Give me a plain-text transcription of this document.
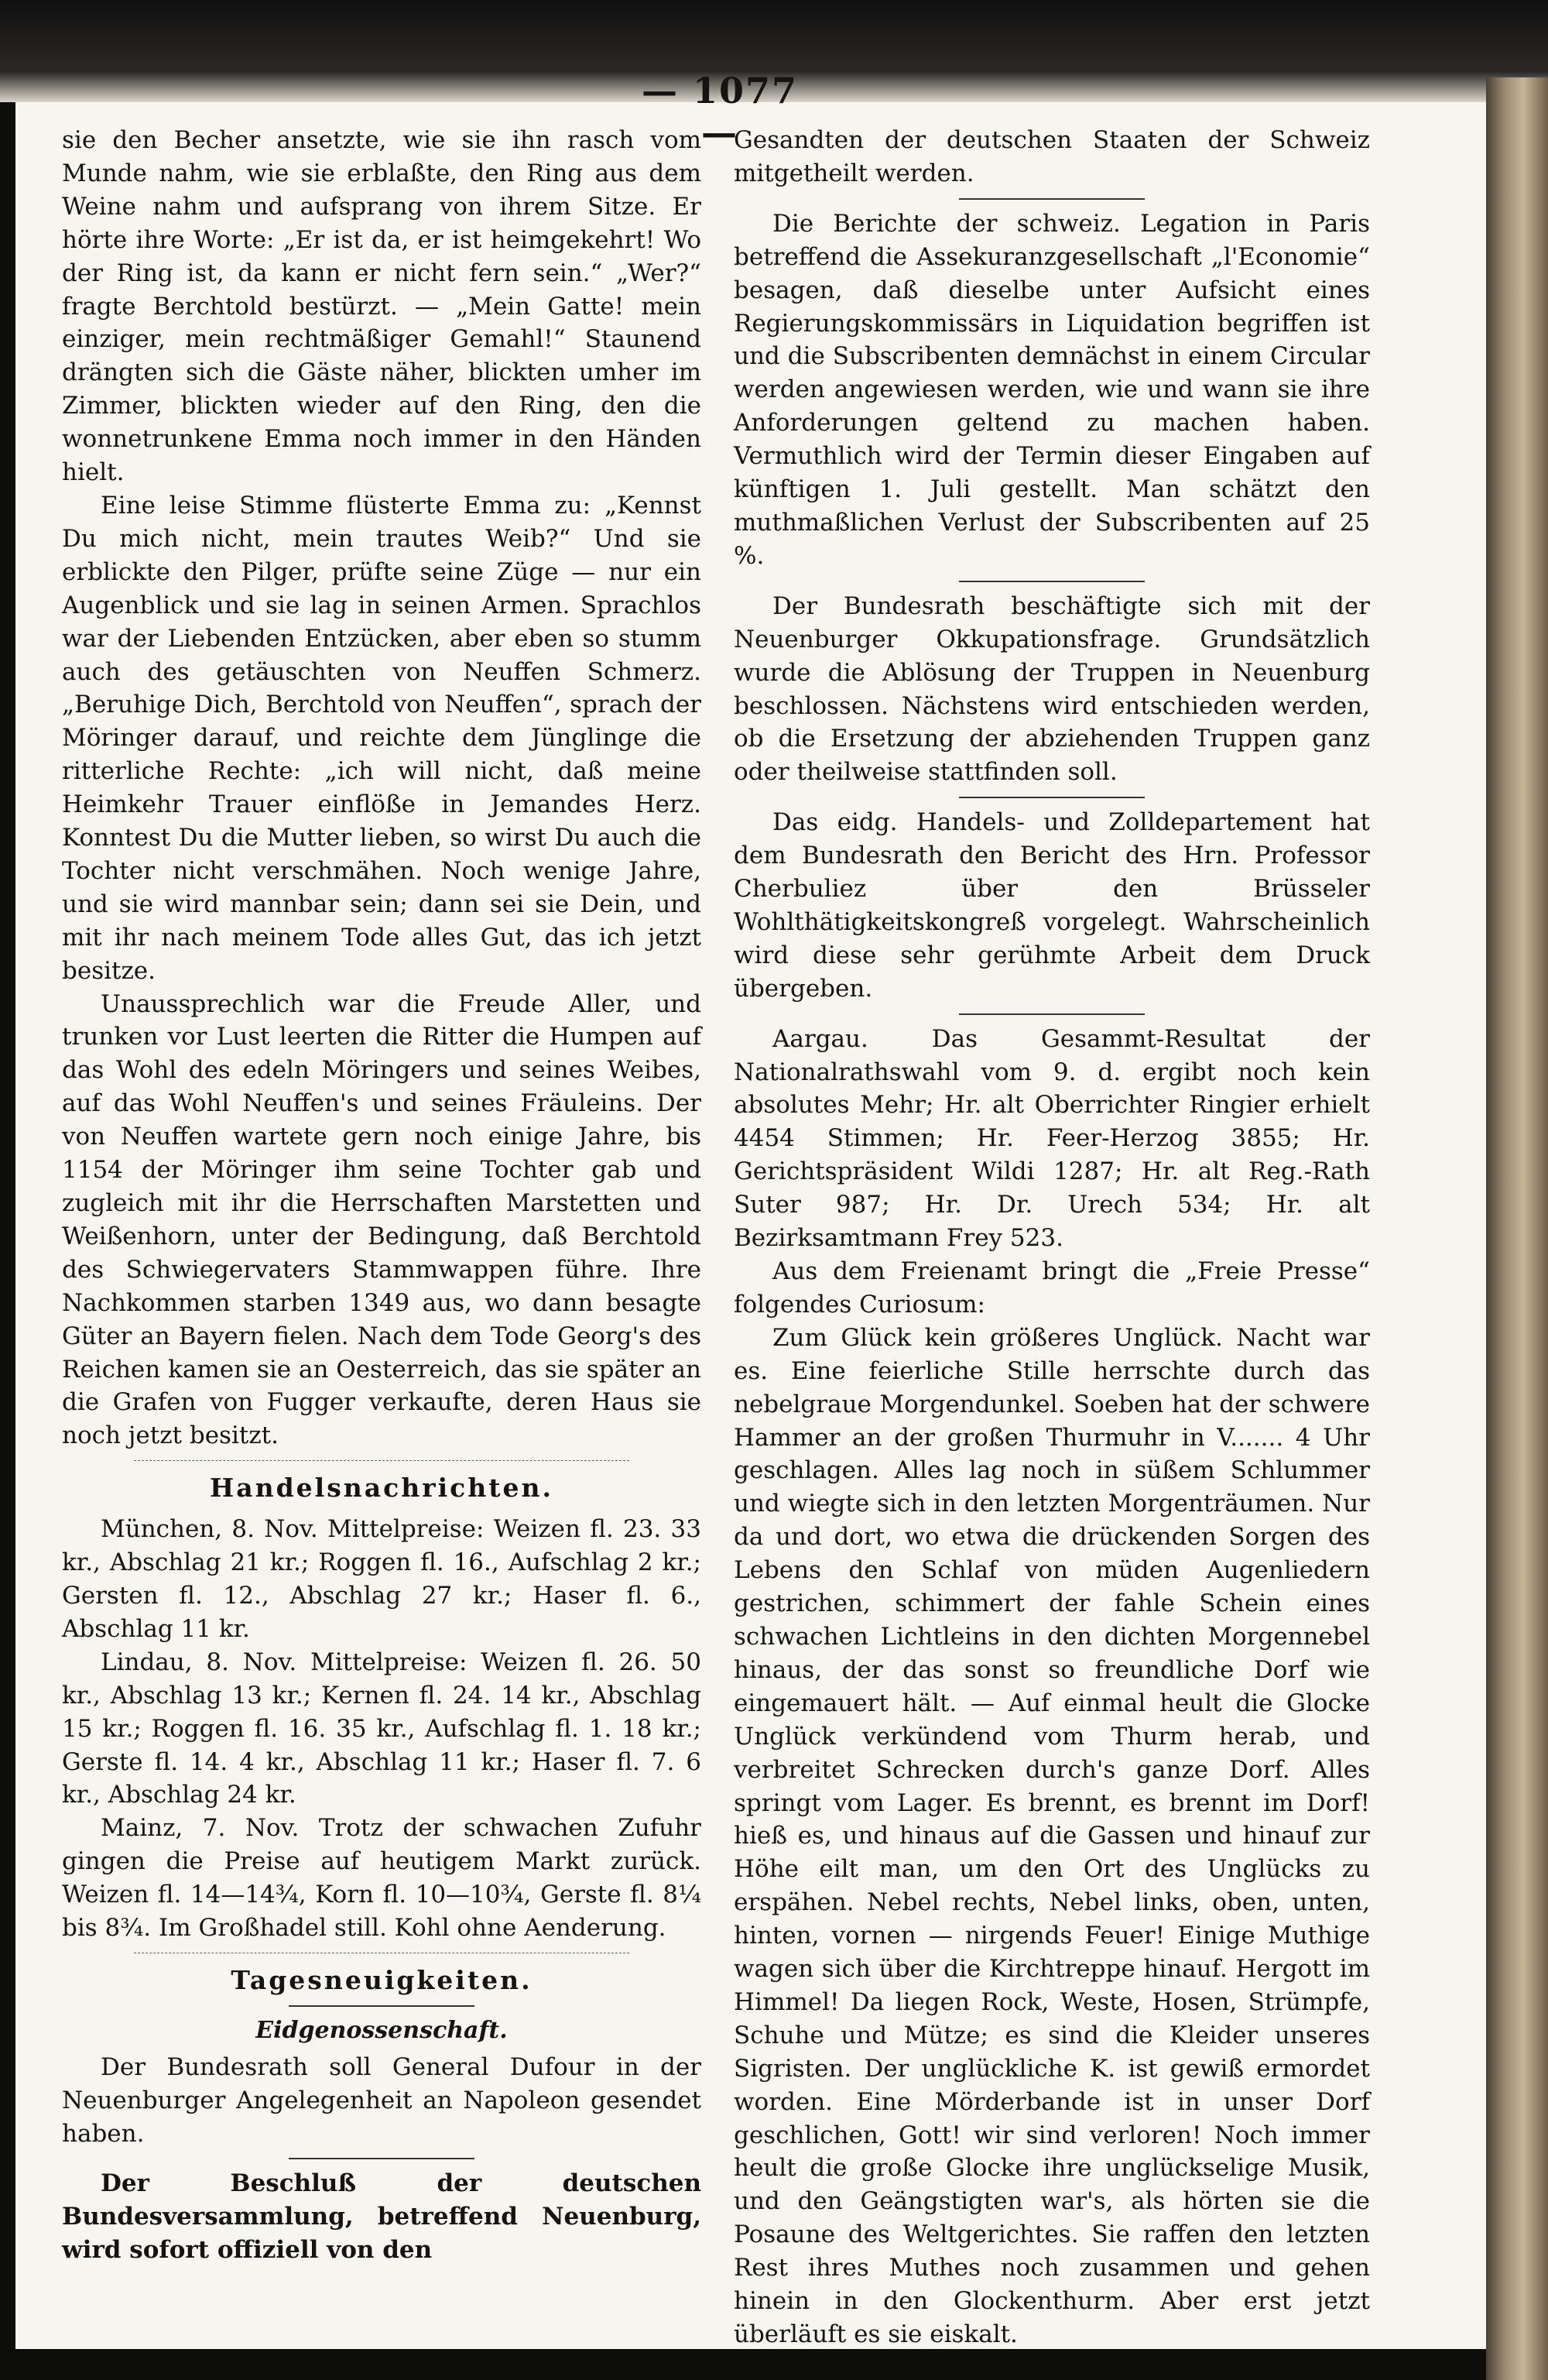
— 1077 —

sie den Becher ansetzte, wie sie ihn rasch vom Munde nahm, wie sie erblaßte, den Ring aus dem Weine nahm und aufsprang von ihrem Sitze. Er hörte ihre Worte: „Er ist da, er ist heimgekehrt! Wo der Ring ist, da kann er nicht fern sein.“ „Wer?“ fragte Berchtold bestürzt. — „Mein Gatte! mein einziger, mein rechtmäßiger Gemahl!“ Staunend drängten sich die Gäste näher, blickten umher im Zimmer, blickten wieder auf den Ring, den die wonnetrunkene Emma noch immer in den Händen hielt.

Eine leise Stimme flüsterte Emma zu: „Kennst Du mich nicht, mein trautes Weib?“ Und sie erblickte den Pilger, prüfte seine Züge — nur ein Augenblick und sie lag in seinen Armen. Sprachlos war der Liebenden Entzücken, aber eben so stumm auch des getäuschten von Neuffen Schmerz. „Beruhige Dich, Berchtold von Neuffen“, sprach der Möringer darauf, und reichte dem Jünglinge die ritterliche Rechte: „ich will nicht, daß meine Heimkehr Trauer einflöße in Jemandes Herz. Konntest Du die Mutter lieben, so wirst Du auch die Tochter nicht verschmähen. Noch wenige Jahre, und sie wird mannbar sein; dann sei sie Dein, und mit ihr nach meinem Tode alles Gut, das ich jetzt besitze.

Unaussprechlich war die Freude Aller, und trunken vor Lust leerten die Ritter die Humpen auf das Wohl des edeln Möringers und seines Weibes, auf das Wohl Neuffen's und seines Fräuleins. Der von Neuffen wartete gern noch einige Jahre, bis 1154 der Möringer ihm seine Tochter gab und zugleich mit ihr die Herrschaften Marstetten und Weißenhorn, unter der Bedingung, daß Berchtold des Schwiegervaters Stammwappen führe. Ihre Nachkommen starben 1349 aus, wo dann besagte Güter an Bayern fielen. Nach dem Tode Georg's des Reichen kamen sie an Oesterreich, das sie später an die Grafen von Fugger verkaufte, deren Haus sie noch jetzt besitzt.

Handelsnachrichten.

München, 8. Nov. Mittelpreise: Weizen fl. 23. 33 kr., Abschlag 21 kr.; Roggen fl. 16., Aufschlag 2 kr.; Gersten fl. 12., Abschlag 27 kr.; Haser fl. 6., Abschlag 11 kr.

Lindau, 8. Nov. Mittelpreise: Weizen fl. 26. 50 kr., Abschlag 13 kr.; Kernen fl. 24. 14 kr., Abschlag 15 kr.; Roggen fl. 16. 35 kr., Aufschlag fl. 1. 18 kr.; Gerste fl. 14. 4 kr., Abschlag 11 kr.; Haser fl. 7. 6 kr., Abschlag 24 kr.

Mainz, 7. Nov. Trotz der schwachen Zufuhr gingen die Preise auf heutigem Markt zurück. Weizen fl. 14—14¾, Korn fl. 10—10¾, Gerste fl. 8¼ bis 8¾. Im Großhadel still. Kohl ohne Aenderung.

Tagesneuigkeiten.
Eidgenossenschaft.

Der Bundesrath soll General Dufour in der Neuenburger Angelegenheit an Napoleon gesendet haben.

Der Beschluß der deutschen Bundesversammlung, betreffend Neuenburg, wird sofort offiziell von den

Gesandten der deutschen Staaten der Schweiz mitgetheilt werden.

Die Berichte der schweiz. Legation in Paris betreffend die Assekuranzgesellschaft „l'Economie“ besagen, daß dieselbe unter Aufsicht eines Regierungskommissärs in Liquidation begriffen ist und die Subscribenten demnächst in einem Circular werden angewiesen werden, wie und wann sie ihre Anforderungen geltend zu machen haben. Vermuthlich wird der Termin dieser Eingaben auf künftigen 1. Juli gestellt. Man schätzt den muthmaßlichen Verlust der Subscribenten auf 25 %.

Der Bundesrath beschäftigte sich mit der Neuenburger Okkupationsfrage. Grundsätzlich wurde die Ablösung der Truppen in Neuenburg beschlossen. Nächstens wird entschieden werden, ob die Ersetzung der abziehenden Truppen ganz oder theilweise stattfinden soll.

Das eidg. Handels- und Zolldepartement hat dem Bundesrath den Bericht des Hrn. Professor Cherbuliez über den Brüsseler Wohlthätigkeitskongreß vorgelegt. Wahrscheinlich wird diese sehr gerühmte Arbeit dem Druck übergeben.

Aargau. Das Gesammt-Resultat der Nationalrathswahl vom 9. d. ergibt noch kein absolutes Mehr; Hr. alt Oberrichter Ringier erhielt 4454 Stimmen; Hr. Feer-Herzog 3855; Hr. Gerichtspräsident Wildi 1287; Hr. alt Reg.-Rath Suter 987; Hr. Dr. Urech 534; Hr. alt Bezirksamtmann Frey 523.

Aus dem Freienamt bringt die „Freie Presse“ folgendes Curiosum:

Zum Glück kein größeres Unglück. Nacht war es. Eine feierliche Stille herrschte durch das nebelgraue Morgendunkel. Soeben hat der schwere Hammer an der großen Thurmuhr in V....... 4 Uhr geschlagen. Alles lag noch in süßem Schlummer und wiegte sich in den letzten Morgenträumen. Nur da und dort, wo etwa die drückenden Sorgen des Lebens den Schlaf von müden Augenliedern gestrichen, schimmert der fahle Schein eines schwachen Lichtleins in den dichten Morgennebel hinaus, der das sonst so freundliche Dorf wie eingemauert hält. — Auf einmal heult die Glocke Unglück verkündend vom Thurm herab, und verbreitet Schrecken durch's ganze Dorf. Alles springt vom Lager. Es brennt, es brennt im Dorf! hieß es, und hinaus auf die Gassen und hinauf zur Höhe eilt man, um den Ort des Unglücks zu erspähen. Nebel rechts, Nebel links, oben, unten, hinten, vornen — nirgends Feuer! Einige Muthige wagen sich über die Kirchtreppe hinauf. Hergott im Himmel! Da liegen Rock, Weste, Hosen, Strümpfe, Schuhe und Mütze; es sind die Kleider unseres Sigristen. Der unglückliche K. ist gewiß ermordet worden. Eine Mörderbande ist in unser Dorf geschlichen, Gott! wir sind verloren! Noch immer heult die große Glocke ihre unglückselige Musik, und den Geängstigten war's, als hörten sie die Posaune des Weltgerichtes. Sie raffen den letzten Rest ihres Muthes noch zusammen und gehen hinein in den Glockenthurm. Aber erst jetzt überläuft es sie eiskalt.
